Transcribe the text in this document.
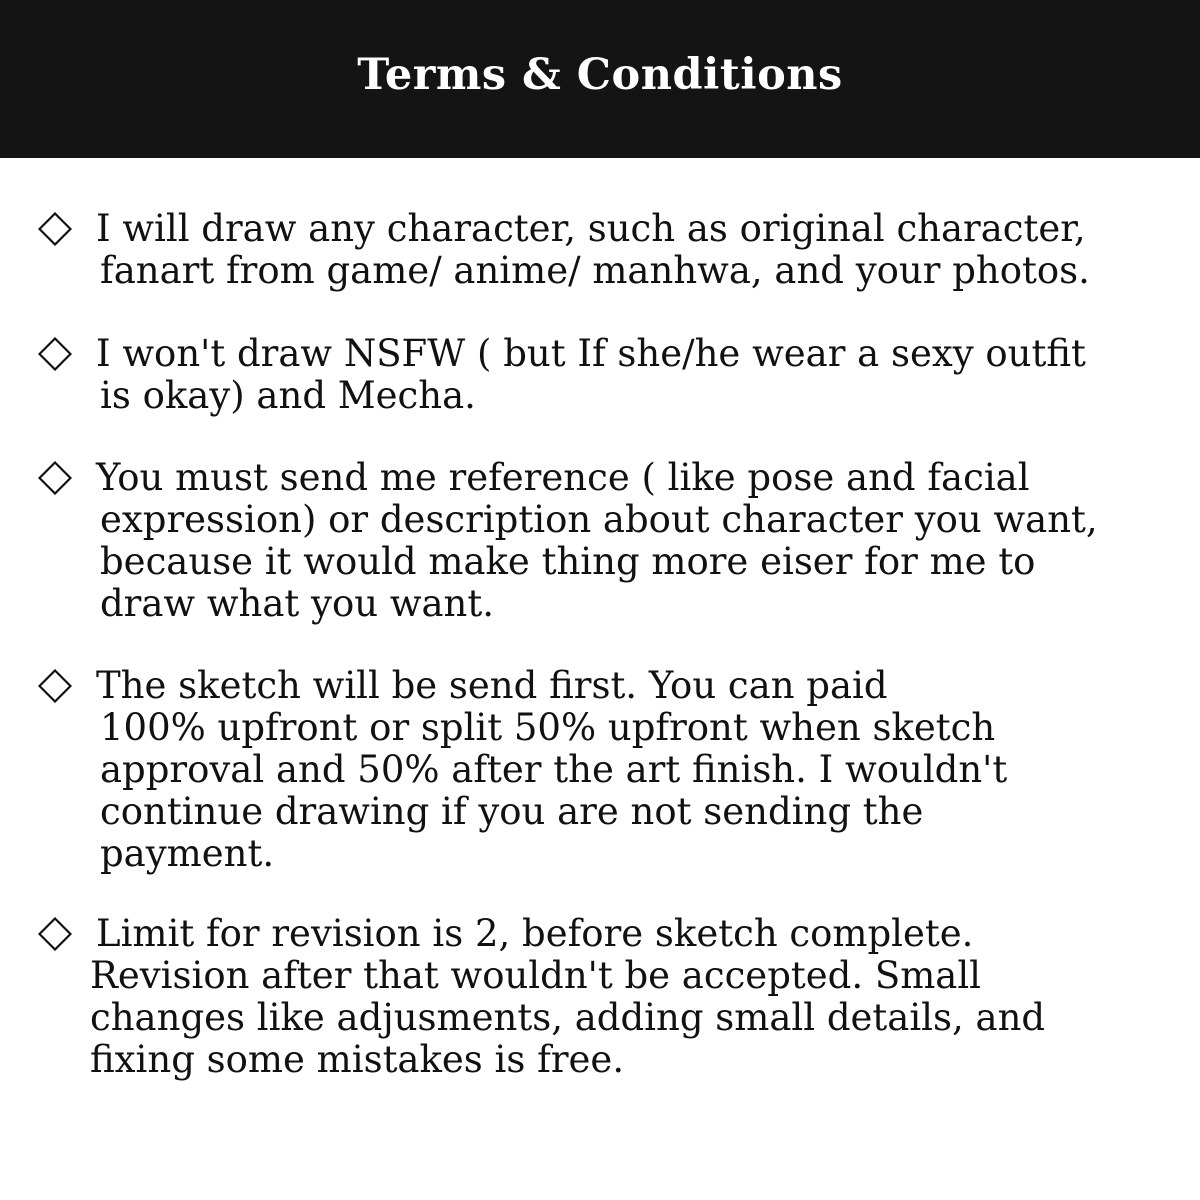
Terms & Conditions
I will draw any character, such as original character,
fanart from game/ anime/ manhwa, and your photos.
I won't draw NSFW ( but If she/he wear a sexy outfit
is okay) and Mecha.
You must send me reference ( like pose and facial
expression) or description about character you want,
because it would make thing more eiser for me to
draw what you want.
The sketch will be send first. You can paid
100% upfront or split 50% upfront when sketch
approval and 50% after the art finish. I wouldn't
continue drawing if you are not sending the
payment.
Limit for revision is 2, before sketch complete.
Revision after that wouldn't be accepted. Small
changes like adjusments, adding small details, and
fixing some mistakes is free.
